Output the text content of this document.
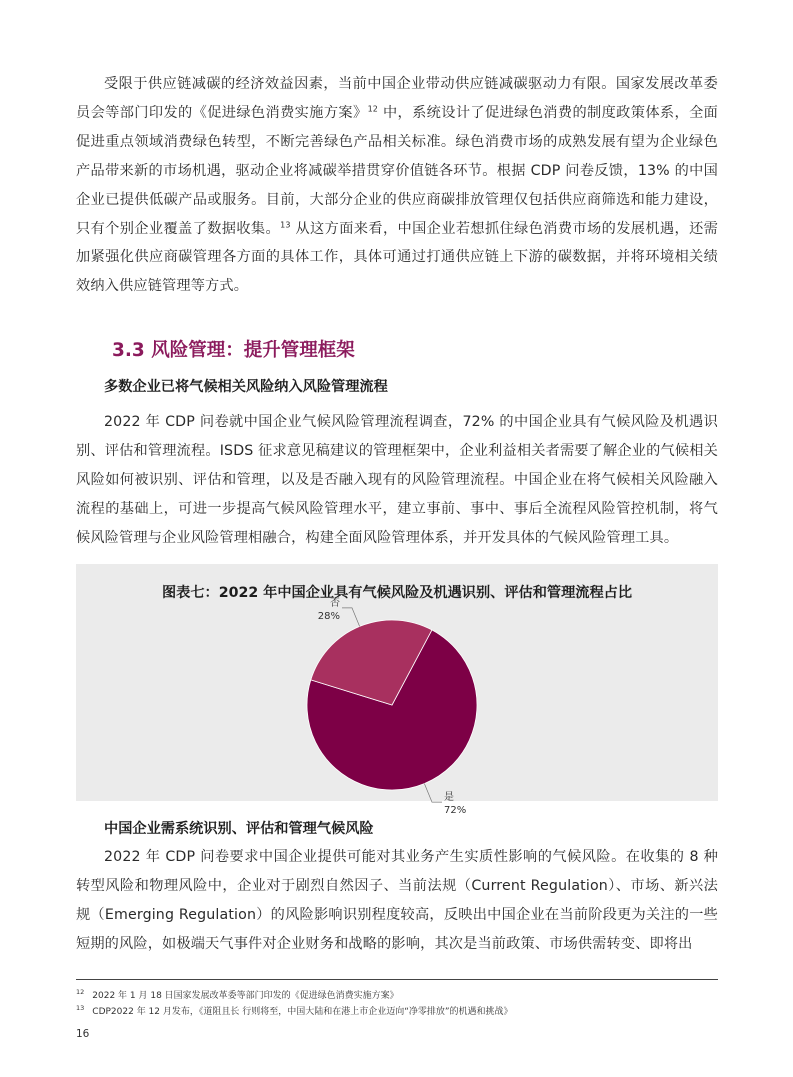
受限于供应链减碳的经济效益因素，当前中国企业带动供应链减碳驱动力有限。国家发展改革委员会等部门印发的《促进绿色消费实施方案》$^{12}$ 中，系统设计了促进绿色消费的制度政策体系，全面促进重点领域消费绿色转型，不断完善绿色产品相关标准。绿色消费市场的成熟发展有望为企业绿色产品带来新的市场机遇，驱动企业将减碳举措贯穿价值链各环节。根据 CDP 问卷反馈，13% 的中国企业已提供低碳产品或服务。目前，大部分企业的供应商碳排放管理仅包括供应商筛选和能力建设，只有个别企业覆盖了数据收集。$^{13}$ 从这方面来看，中国企业若想抓住绿色消费市场的发展机遇，还需加紧强化供应商碳管理各方面的具体工作，具体可通过打通供应链上下游的碳数据，并将环境相关绩效纳入供应链管理等方式。

3.3 风险管理：提升管理框架
多数企业已将气候相关风险纳入风险管理流程

2022 年 CDP 问卷就中国企业气候风险管理流程调查，72% 的中国企业具有气候风险及机遇识别、评估和管理流程。ISDS 征求意见稿建议的管理框架中，企业利益相关者需要了解企业的气候相关风险如何被识别、评估和管理，以及是否融入现有的风险管理流程。中国企业在将气候相关风险融入流程的基础上，可进一步提高气候风险管理水平，建立事前、事中、事后全流程风险管控机制，将气候风险管理与企业风险管理相融合，构建全面风险管理体系，并开发具体的气候风险管理工具。

图表七：2022 年中国企业具有气候风险及机遇识别、评估和管理流程占比

是
72%
否
28%
中国企业需系统识别、评估和管理气候风险

2022 年 CDP 问卷要求中国企业提供可能对其业务产生实质性影响的气候风险。在收集的 8 种转型风险和物理风险中，企业对于剧烈自然因子、当前法规（Current Regulation）、市场、新兴法规（Emerging Regulation）的风险影响识别程度较高，反映出中国企业在当前阶段更为关注的一些短期的风险，如极端天气事件对企业财务和战略的影响，其次是当前政策、市场供需转变、即将出

$^{12}$ 2022 年 1 月 18 日国家发展改革委等部门印发的《促进绿色消费实施方案》

$^{13}$ CDP2022 年 12 月发布，《道阻且长 行则将至，中国大陆和在港上市企业迈向“净零排放”的机遇和挑战》

16
